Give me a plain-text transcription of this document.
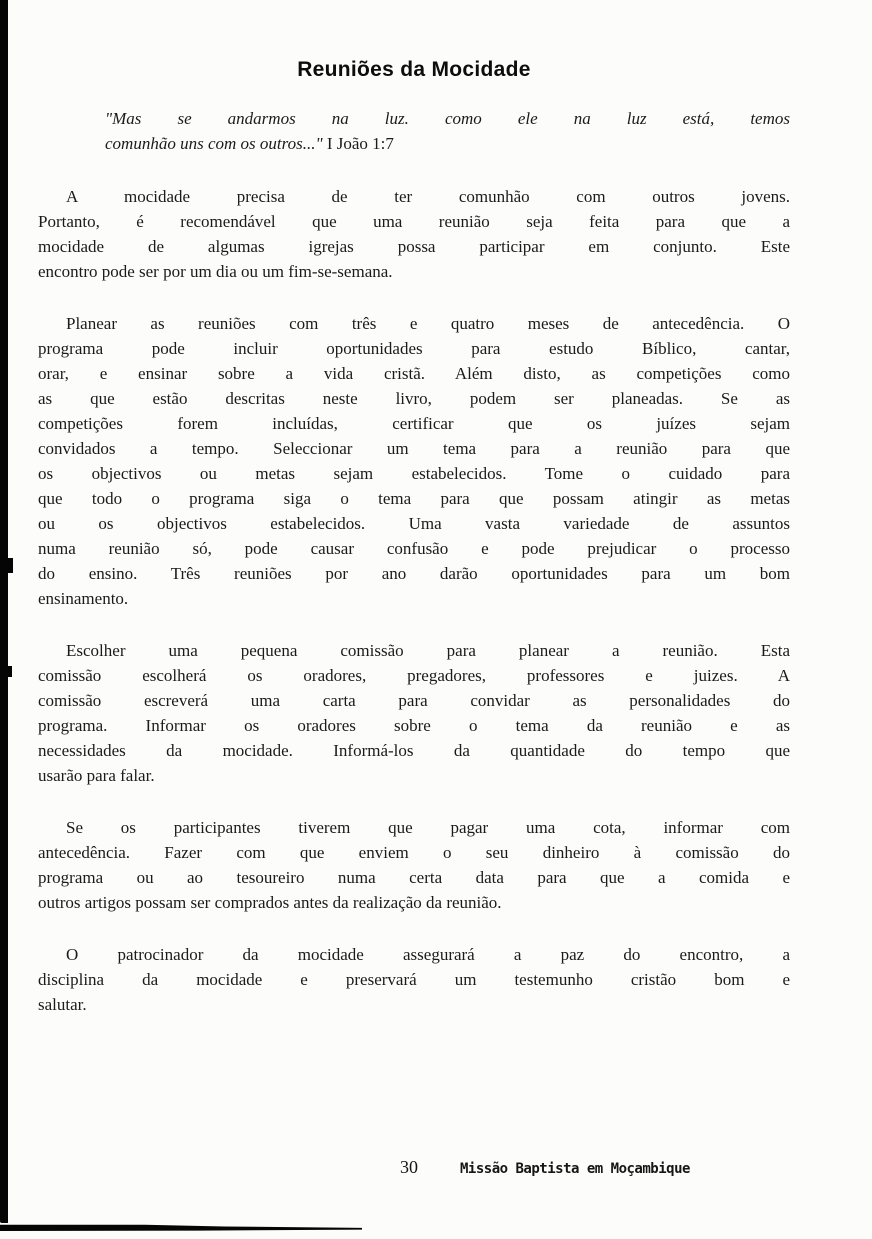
Reuniões da Mocidade
"Mas se andarmos na luz. como ele na luz está, temos
comunhão uns com os outros..." I João 1:7
A mocidade precisa de ter comunhão com outros jovens.
Portanto, é recomendável que uma reunião seja feita para que a
mocidade de algumas igrejas possa participar em conjunto. Este
encontro pode ser por um dia ou um fim-se-semana.
Planear as reuniões com três e quatro meses de antecedência. O
programa pode incluir oportunidades para estudo Bíblico, cantar,
orar, e ensinar sobre a vida cristã. Além disto, as competições como
as que estão descritas neste livro, podem ser planeadas. Se as
competições forem incluídas, certificar que os juízes sejam
convidados a tempo. Seleccionar um tema para a reunião para que
os objectivos ou metas sejam estabelecidos. Tome o cuidado para
que todo o programa siga o tema para que possam atingir as metas
ou os objectivos estabelecidos. Uma vasta variedade de assuntos
numa reunião só, pode causar confusão e pode prejudicar o processo
do ensino. Três reuniões por ano darão oportunidades para um bom
ensinamento.
Escolher uma pequena comissão para planear a reunião. Esta
comissão escolherá os oradores, pregadores, professores e juizes. A
comissão escreverá uma carta para convidar as personalidades do
programa. Informar os oradores sobre o tema da reunião e as
necessidades da mocidade. Informá-los da quantidade do tempo que
usarão para falar.
Se os participantes tiverem que pagar uma cota, informar com
antecedência. Fazer com que enviem o seu dinheiro à comissão do
programa ou ao tesoureiro numa certa data para que a comida e
outros artigos possam ser comprados antes da realização da reunião.
O patrocinador da mocidade assegurará a paz do encontro, a
disciplina da mocidade e preservará um testemunho cristão bom e
salutar.
30	Missão Baptista em Moçambique
